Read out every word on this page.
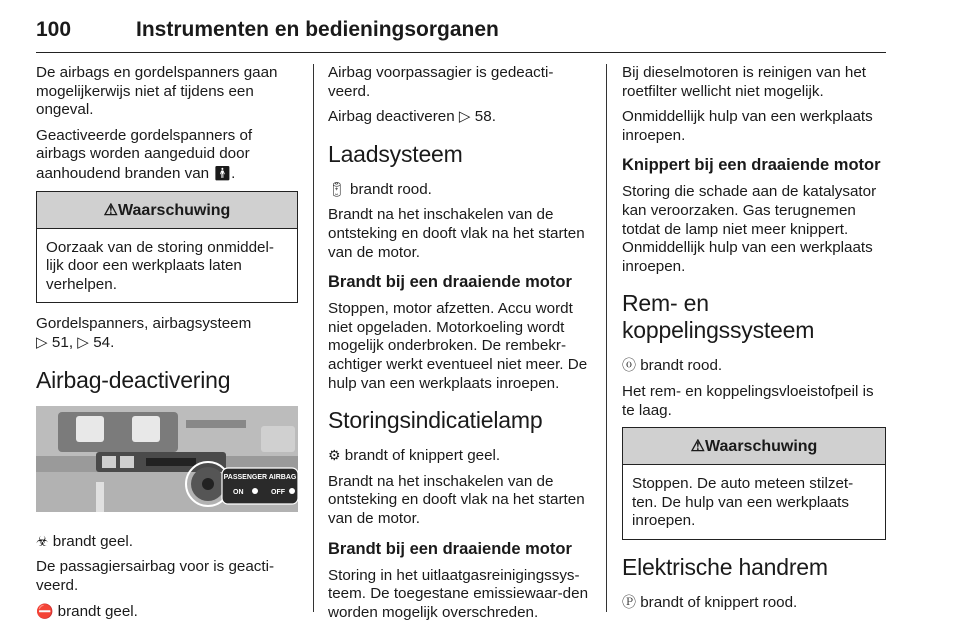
100	Instrumenten en bedieningsorganen

De airbags en gordelspanners gaan mogelijkerwijs niet af tijdens een ongeval.

Geactiveerde gordelspanners of airbags worden aangeduid door aanhoudend branden van 🚹︎.

⚠Waarschuwing

Oorzaak van de storing onmiddel-lijk door een werkplaats laten verhelpen.

Gordelspanners, airbagsysteem
▷ 51, ▷ 54.

Airbag-deactivering
PASSENGER AIRBAG
ON	OFF

☣ brandt geel.

De passagiersairbag voor is geacti-veerd.

⛔ brandt geel.

Airbag voorpassagier is gedeacti-veerd.

Airbag deactiveren ▷ 58.

Laadsysteem

🔋︎ brandt rood.

Brandt na het inschakelen van de ontsteking en dooft vlak na het starten van de motor.

Brandt bij een draaiende motor

Stoppen, motor afzetten. Accu wordt niet opgeladen. Motorkoeling wordt mogelijk onderbroken. De rembekr-achtiger werkt eventueel niet meer. De hulp van een werkplaats inroepen.

Storingsindicatielamp

⚙ brandt of knippert geel.

Brandt na het inschakelen van de ontsteking en dooft vlak na het starten van de motor.

Brandt bij een draaiende motor

Storing in het uitlaatgasreinigingssys-teem. De toegestane emissiewaar-den worden mogelijk overschreden.

Bij dieselmotoren is reinigen van het roetfilter wellicht niet mogelijk.

Onmiddellijk hulp van een werkplaats inroepen.

Knippert bij een draaiende motor

Storing die schade aan de katalysator kan veroorzaken. Gas terugnemen totdat de lamp niet meer knippert. Onmiddellijk hulp van een werkplaats inroepen.

Rem- en koppelingssysteem

ⓞ brandt rood.

Het rem- en koppelingsvloeistofpeil is te laag.

⚠Waarschuwing

Stoppen. De auto meteen stilzet-ten. De hulp van een werkplaats inroepen.

Elektrische handrem

Ⓟ brandt of knippert rood.
